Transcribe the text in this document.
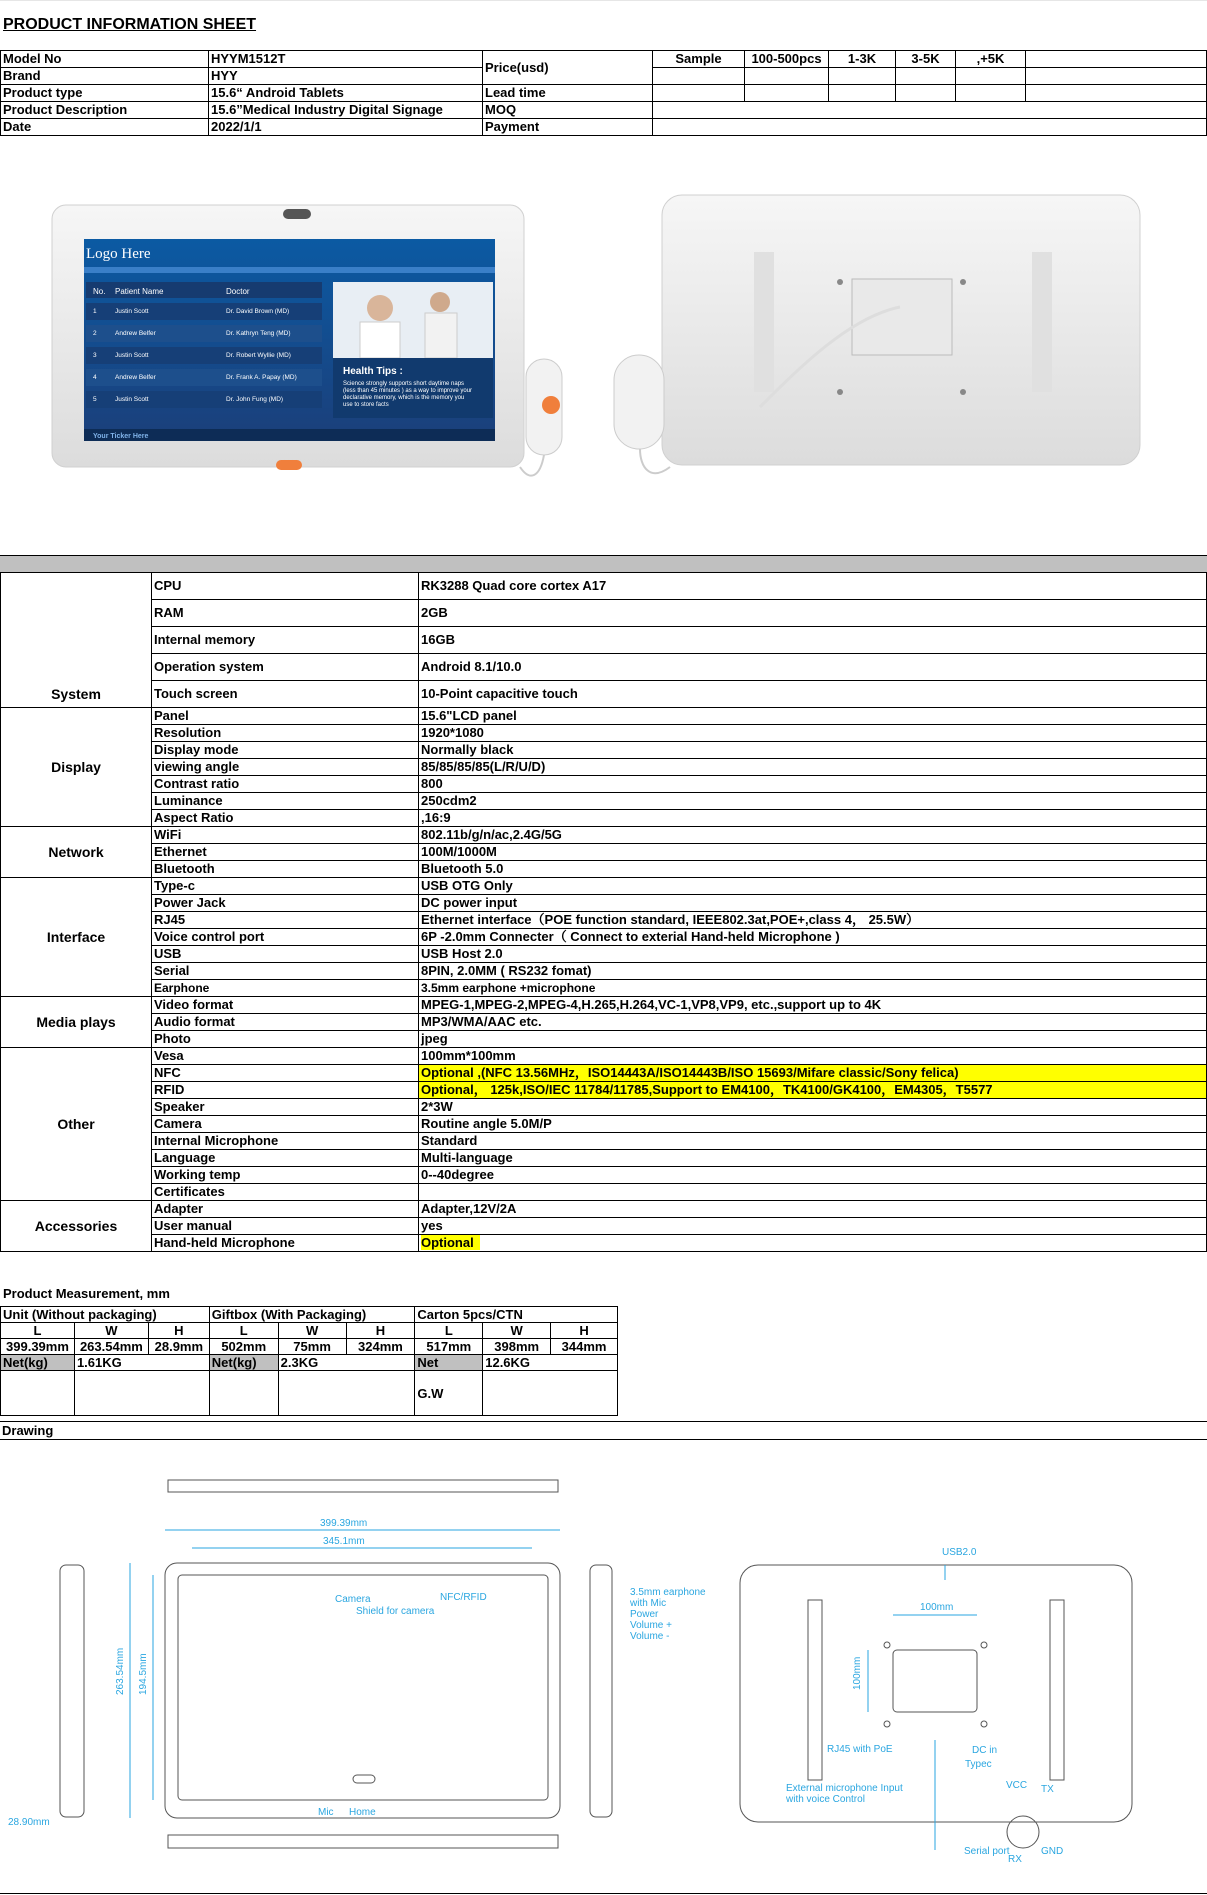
PRODUCT INFORMATION SHEET
Model No	HYYM1512T	Price(usd)	Sample	100-500pcs	1-3K	3-5K	,+5K	
Brand	HYY							
Product type	15.6“ Android Tablets	Lead time						
Product Description	15.6”Medical Industry Digital Signage	MOQ						
Date	2022/1/1	Payment						
Logo Here
No. Patient Name	Doctor
1	Justin Scott	Dr. David Brown (MD)
2	Andrew Belfer	Dr. Kathryn Teng (MD)
3	Justin Scott	Dr. Robert Wyllie (MD)
4	Andrew Belfer	Dr. Frank A. Papay (MD)
5	Justin Scott	Dr. John Fung (MD)
Health Tips :
Science strongly supports short daytime naps
(less than 45 minutes ) as a way to improve your
declarative memory, which is the memory you
use to store facts
Your Ticker Here
System	CPU	RK3288 Quad core cortex A17
	RAM	2GB
	Internal memory	16GB
	Operation system	Android 8.1/10.0
	Touch screen	10-Point capacitive touch
Display	Panel	15.6"LCD panel
	Resolution	1920*1080
	Display mode	Normally black
	viewing angle	85/85/85/85(L/R/U/D)
	Contrast ratio	800
	Luminance	250cdm2
	Aspect Ratio	,16:9
Network	WiFi	802.11b/g/n/ac,2.4G/5G
	Ethernet	100M/1000M
	Bluetooth	Bluetooth 5.0
Interface	Type-c	USB OTG Only
	Power Jack	DC power input
	RJ45	Ethernet interface（POE function standard, IEEE802.3at,POE+,class 4， 25.5W）
	Voice control port	6P -2.0mm Connecter（ Connect to exterial Hand-held Microphone )
	USB	USB Host 2.0
	Serial	8PIN, 2.0MM ( RS232 fomat)
	Earphone	3.5mm earphone +microphone
Media plays	Video format	MPEG-1,MPEG-2,MPEG-4,H.265,H.264,VC-1,VP8,VP9, etc.,support up to 4K
	Audio format	MP3/WMA/AAC etc.
	Photo	jpeg
Other	Vesa	100mm*100mm
	NFC	Optional ,(NFC 13.56MHz，ISO14443A/ISO14443B/ISO 15693/Mifare classic/Sony felica)
	RFID	Optional， 125k,ISO/IEC 11784/11785,Support to EM4100，TK4100/GK4100，EM4305，T5577
	Speaker	2*3W
	Camera	Routine angle 5.0M/P
	Internal Microphone	Standard
	Language	Multi-language
	Working temp	0--40degree
	Certificates	
Accessories	Adapter	Adapter,12V/2A
	User manual	yes
	Hand-held Microphone	Optional
Product Measurement, mm
Unit (Without packaging)			Giftbox (With Packaging)			Carton 5pcs/CTN		
L	W	H	L	W	H	L	W	H
399.39mm	263.54mm	28.9mm	502mm	75mm	324mm	517mm	398mm	344mm
Net(kg)	1.61KG		Net(kg)	2.3KG		Net	12.6KG	
						G.W		
Drawing
399.39mm
345.1mm
263.54mm 194.5mm
28.90mm
Camera
Shield for camera
NFC/RFID
Mic Home
3.5mm earphone
with Mic
Power
Volume +
Volume -
USB2.0
100mm
100mm
RJ45 with PoE	DC in
Typec
External microphone Input
with voice Control
Serial port
VCC TX
RX
GND
